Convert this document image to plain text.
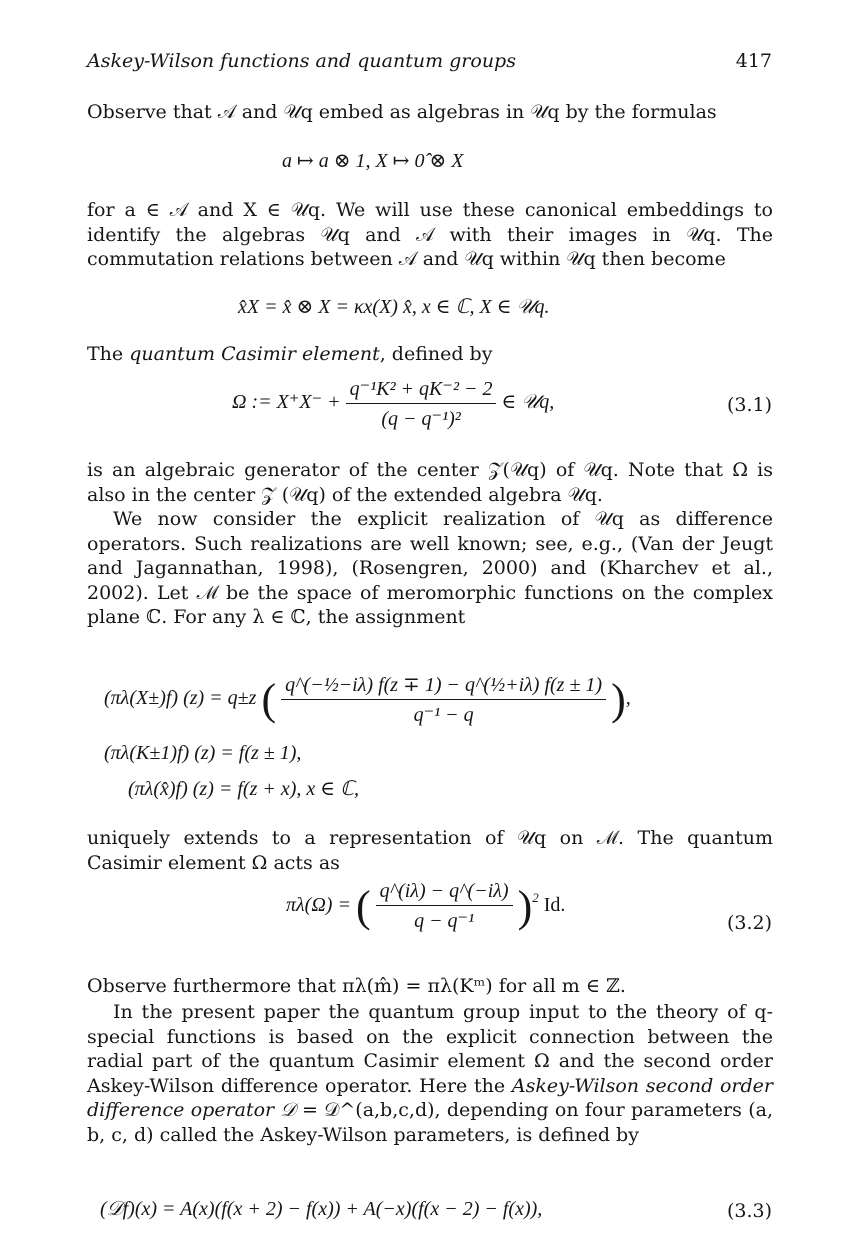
Askey-Wilson functions and quantum groups	417
Observe that 𝒜 and 𝒰q embed as algebras in 𝒰q by the formulas
a ↦ a ⊗ 1, X ↦ 0̂ ⊗ X
for a ∈ 𝒜 and X ∈ 𝒰q. We will use these canonical embeddings to identify the algebras 𝒰q and 𝒜 with their images in 𝒰q. The commutation relations between 𝒜 and 𝒰q within 𝒰q then become
x̂X = x̂ ⊗ X = κx(X) x̂, x ∈ ℂ, X ∈ 𝒰q.
The quantum Casimir element, defined by
Ω := $X^+X^- + \frac{\text{q⁻¹K² + qK⁻² − 2}}{\text{(q − q⁻¹)²}}$ ∈ 𝒰q,	(3.1)
is an algebraic generator of the center 𝒵(𝒰q) of 𝒰q. Note that Ω is also in the center 𝒵 (𝒰q) of the extended algebra 𝒰q.
We now consider the explicit realization of 𝒰q as difference operators. Such realizations are well known; see, e.g., (Van der Jeugt and Jagannathan, 1998), (Rosengren, 2000) and (Kharchev et al., 2002). Let ℳ be the space of meromorphic functions on the complex plane ℂ. For any λ ∈ ℂ, the assignment
(πλ(X±)f) (z) = q±z ( $\frac{\text{q\textasciicircum{}(−½−iλ) f(z ∓ 1) − q\textasciicircum{}(½+iλ) f(z ± 1)}}{\text{q⁻¹ − q}}$ ),
(πλ(K±1)f) (z) = f(z ± 1),
(πλ(x̂)f) (z) = f(z + x), x ∈ ℂ,
uniquely extends to a representation of 𝒰q on ℳ. The quantum Casimir element Ω acts as
πλ(Ω) = ( $\frac{q\^{}(i\lambda) - q\^{}(-i\lambda)}{\text{q − q⁻¹}} )^2$ Id.
(3.2)
Observe furthermore that πλ(m̂) = πλ(Kᵐ) for all m ∈ ℤ.
In the present paper the quantum group input to the theory of q-special functions is based on the explicit connection between the radial part of the quantum Casimir element Ω and the second order Askey-Wilson difference operator. Here the Askey-Wilson second order difference operator 𝒟 = 𝒟^(a,b,c,d), depending on four parameters (a, b, c, d) called the Askey-Wilson parameters, is defined by
(𝒟f)(x) = A(x)(f(x + 2) − f(x)) + A(−x)(f(x − 2) − f(x)),	(3.3)
